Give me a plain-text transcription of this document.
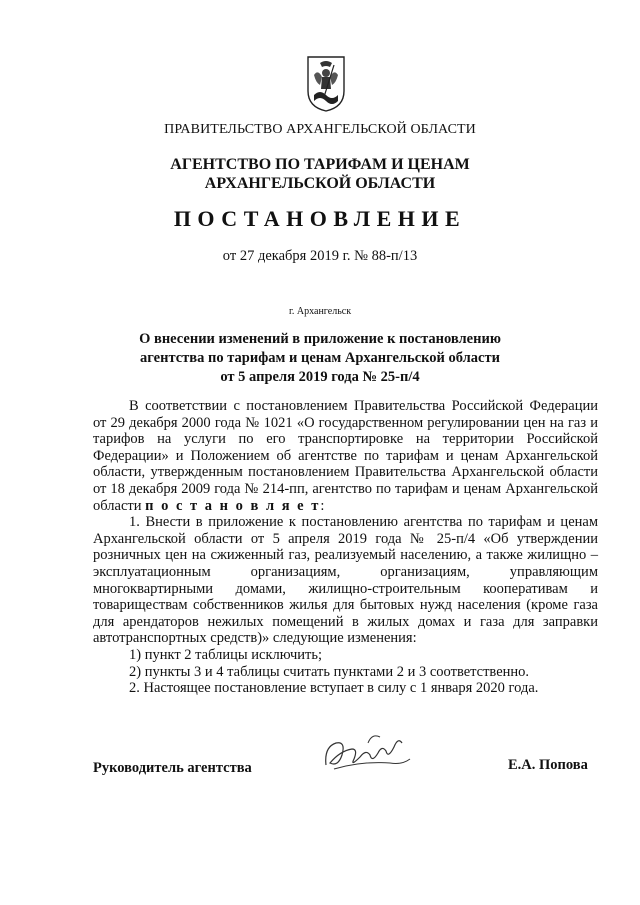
ПРАВИТЕЛЬСТВО АРХАНГЕЛЬСКОЙ ОБЛАСТИ
АГЕНТСТВО ПО ТАРИФАМ И ЦЕНАМ
АРХАНГЕЛЬСКОЙ ОБЛАСТИ
ПОСТАНОВЛЕНИЕ
от 27 декабря 2019 г. № 88-п/13
г. Архангельск
О внесении изменений в приложение к постановлению
агентства по тарифам и ценам Архангельской области
от 5 апреля 2019 года № 25-п/4

В соответствии с постановлением Правительства Российской Федерации от 29 декабря 2000 года № 1021 «О государственном регулировании цен на газ и тарифов на услуги по его транспортировке на территории Российской Федерации» и Положением об агентстве по тарифам и ценам Архангельской области, утвержденным постановлением Правительства Архангельской области от 18 декабря 2009 года № 214-пп, агентство по тарифам и ценам Архангельской области п о с т а н о в л я е т:

1. Внести в приложение к постановлению агентства по тарифам и ценам Архангельской области от 5 апреля 2019 года № 25-п/4 «Об утверждении розничных цен на сжиженный газ, реализуемый населению, а также жилищно – эксплуатационным организациям, организациям, управляющим многоквартирными домами, жилищно-строительным кооперативам и товариществам собственников жилья для бытовых нужд населения (кроме газа для арендаторов нежилых помещений в жилых домах и газа для заправки автотранспортных средств)» следующие изменения:

1) пункт 2 таблицы исключить;

2) пункты 3 и 4 таблицы считать пунктами 2 и 3 соответственно.

2. Настоящее постановление вступает в силу с 1 января 2020 года.

Руководитель агентства	Е.А. Попова
